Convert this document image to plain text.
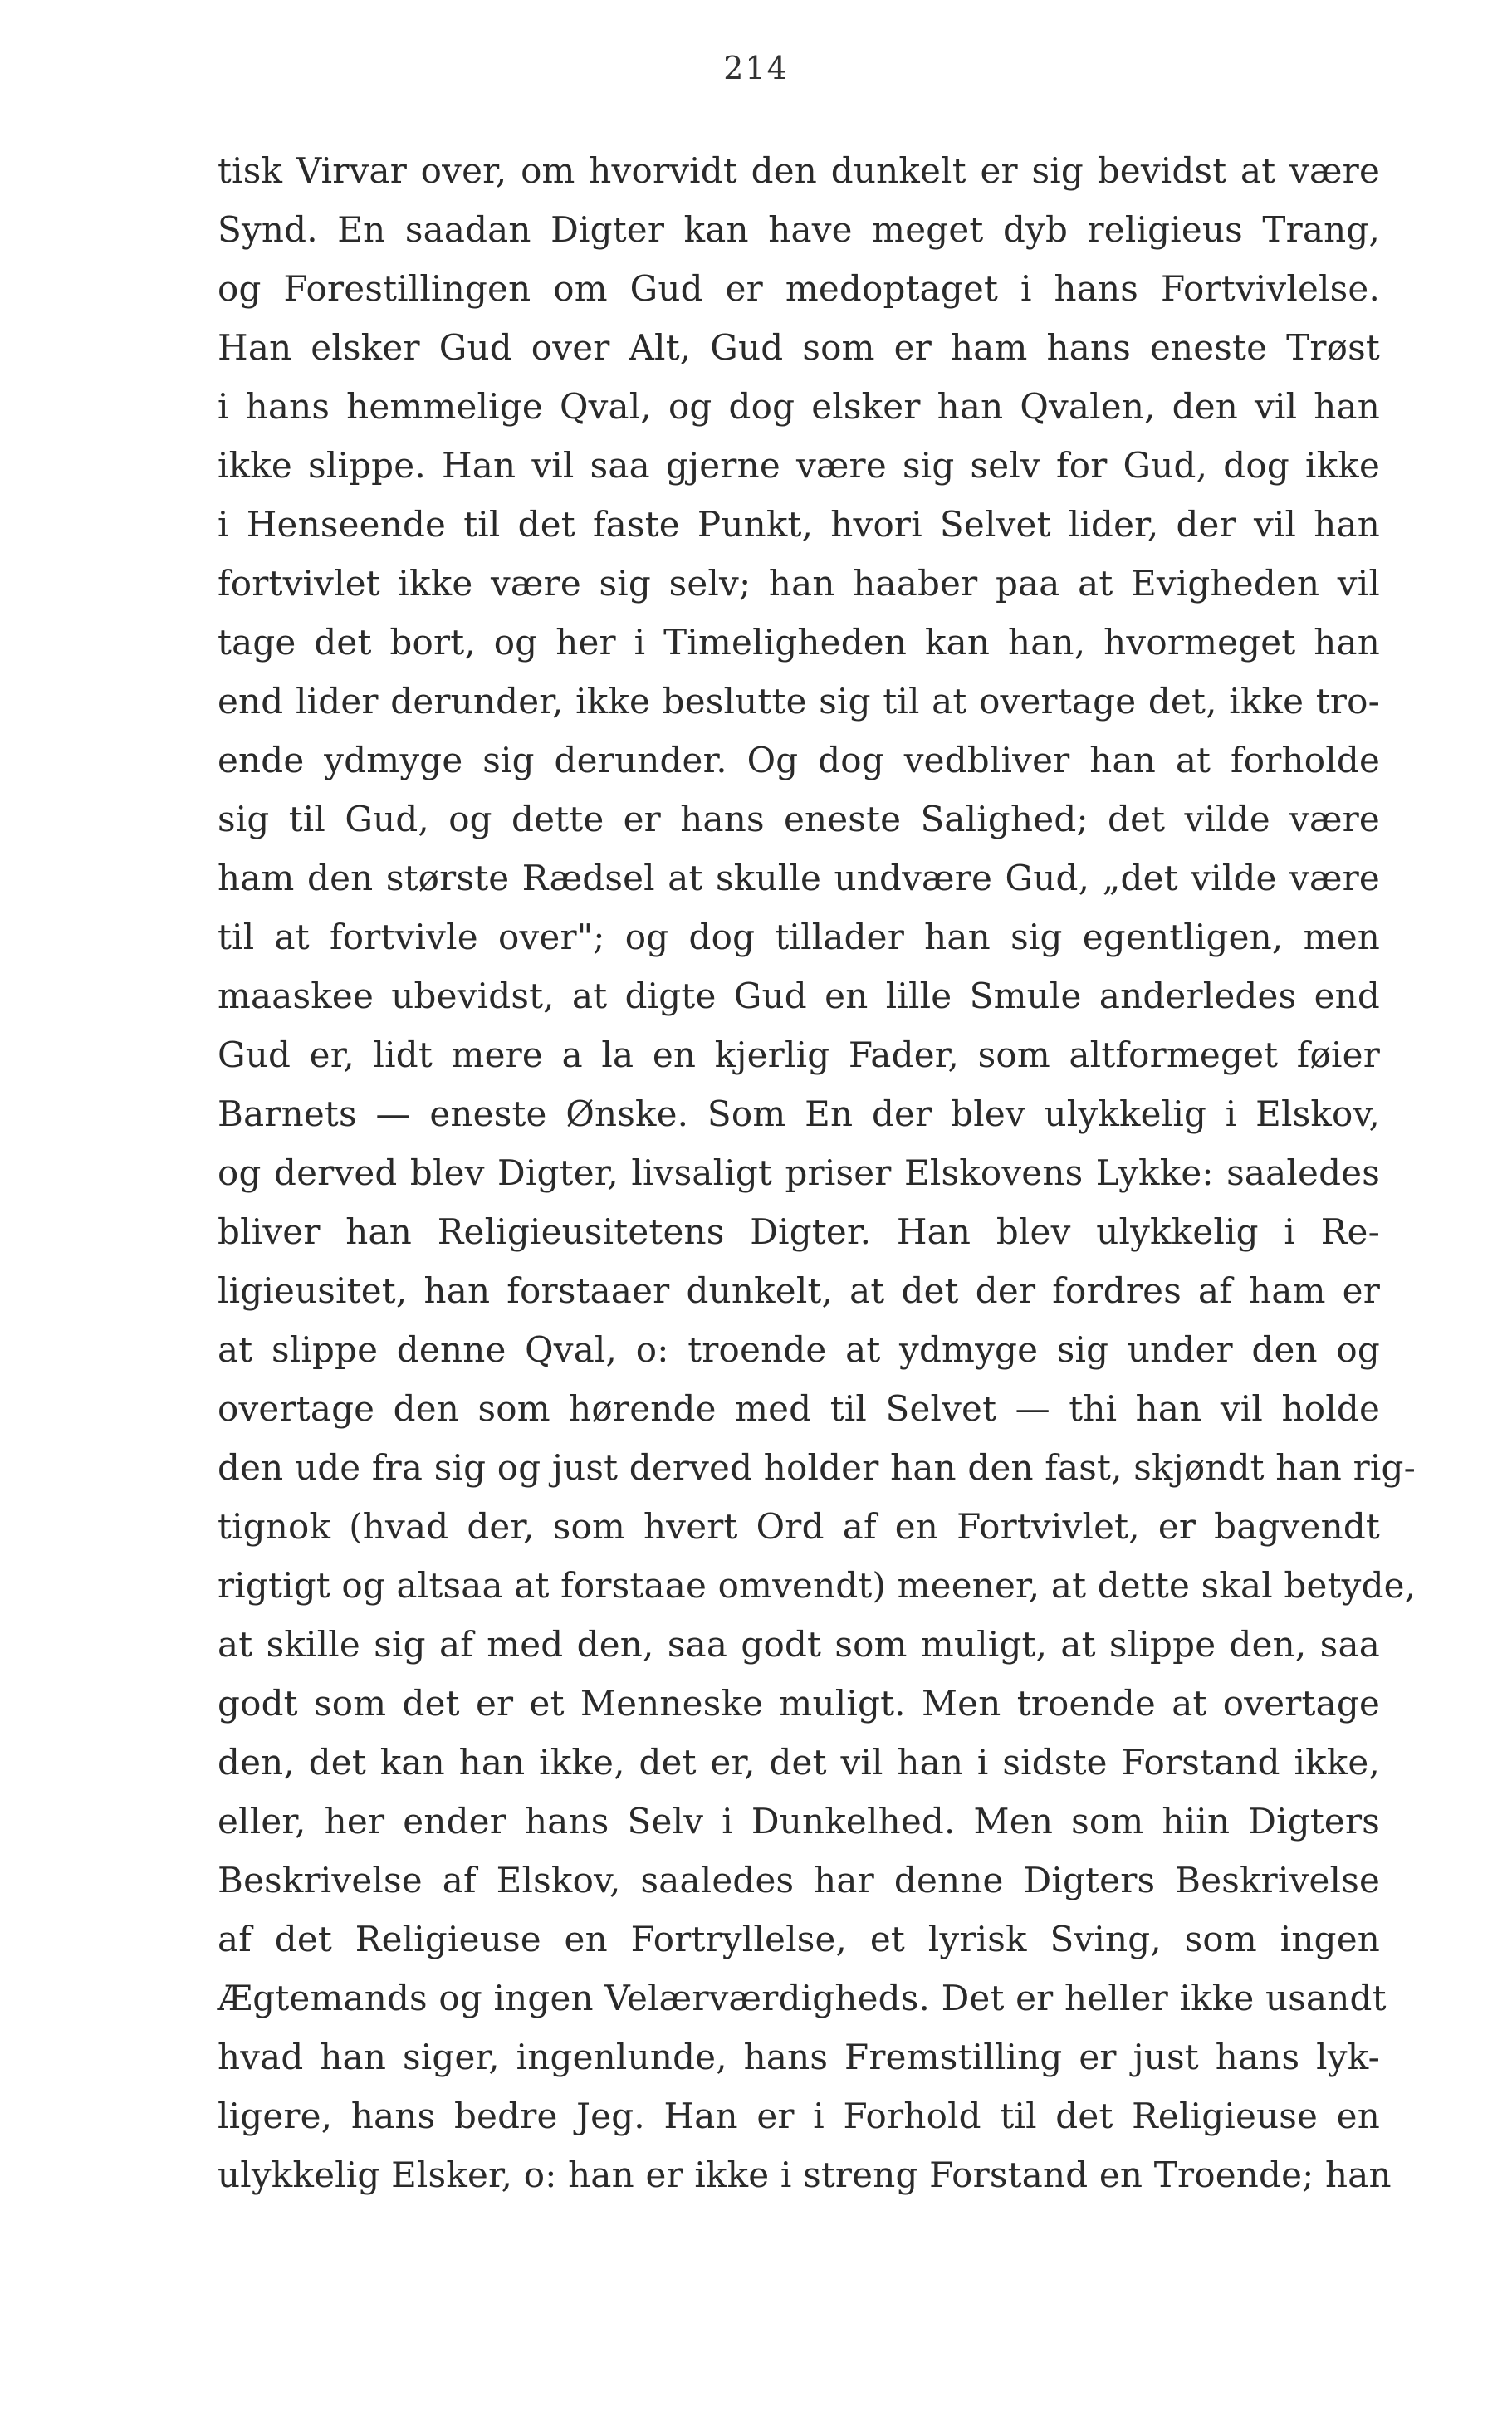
214
tisk Virvar over, om hvorvidt den dunkelt er sig bevidst at være
Synd. En saadan Digter kan have meget dyb religieus Trang,
og Forestillingen om Gud er medoptaget i hans Fortvivlelse.
Han elsker Gud over Alt, Gud som er ham hans eneste Trøst
i hans hemmelige Qval, og dog elsker han Qvalen, den vil han
ikke slippe. Han vil saa gjerne være sig selv for Gud, dog ikke
i Henseende til det faste Punkt, hvori Selvet lider, der vil han
fortvivlet ikke være sig selv; han haaber paa at Evigheden vil
tage det bort, og her i Timeligheden kan han, hvormeget han
end lider derunder, ikke beslutte sig til at overtage det, ikke tro-
ende ydmyge sig derunder. Og dog vedbliver han at forholde
sig til Gud, og dette er hans eneste Salighed; det vilde være
ham den største Rædsel at skulle undvære Gud, „det vilde være
til at fortvivle over"; og dog tillader han sig egentligen, men
maaskee ubevidst, at digte Gud en lille Smule anderledes end
Gud er, lidt mere a la en kjerlig Fader, som altformeget føier
Barnets — eneste Ønske. Som En der blev ulykkelig i Elskov,
og derved blev Digter, livsaligt priser Elskovens Lykke: saaledes
bliver han Religieusitetens Digter. Han blev ulykkelig i Re-
ligieusitet, han forstaaer dunkelt, at det der fordres af ham er
at slippe denne Qval, o: troende at ydmyge sig under den og
overtage den som hørende med til Selvet — thi han vil holde
den ude fra sig og just derved holder han den fast, skjøndt han rig-
tignok (hvad der, som hvert Ord af en Fortvivlet, er bagvendt
rigtigt og altsaa at forstaae omvendt) meener, at dette skal betyde,
at skille sig af med den, saa godt som muligt, at slippe den, saa
godt som det er et Menneske muligt. Men troende at overtage
den, det kan han ikke, det er, det vil han i sidste Forstand ikke,
eller, her ender hans Selv i Dunkelhed. Men som hiin Digters
Beskrivelse af Elskov, saaledes har denne Digters Beskrivelse
af det Religieuse en Fortryllelse, et lyrisk Sving, som ingen
Ægtemands og ingen Velærværdigheds. Det er heller ikke usandt
hvad han siger, ingenlunde, hans Fremstilling er just hans lyk-
ligere, hans bedre Jeg. Han er i Forhold til det Religieuse en
ulykkelig Elsker, o: han er ikke i streng Forstand en Troende; han
